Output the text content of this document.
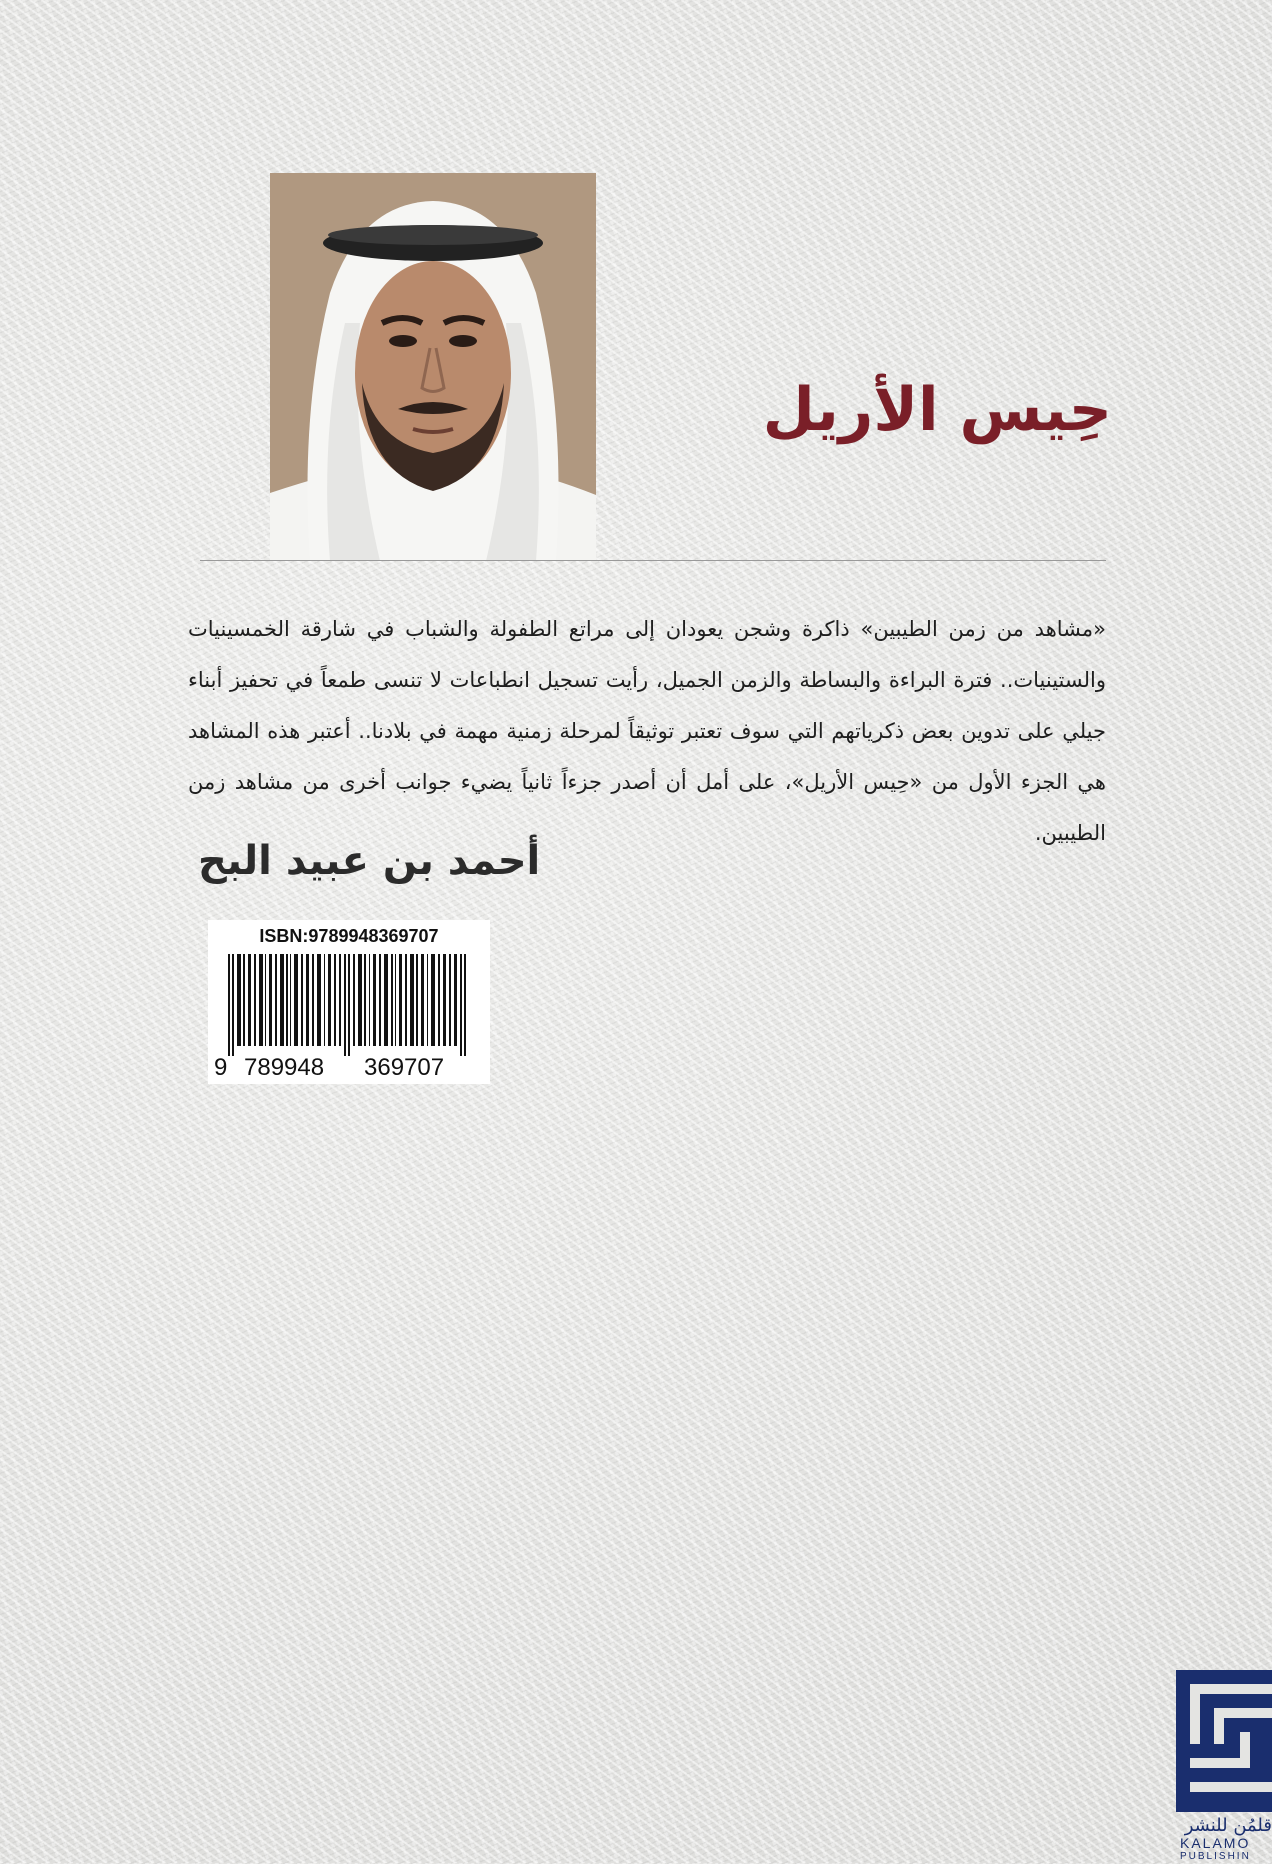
حِيس الأريل
«مشاهد من زمن الطيبين» ذاكرة وشجن يعودان إلى مراتع الطفولة والشباب في شارقة الخمسينيات والستينيات.. فترة البراءة والبساطة والزمن الجميل، رأيت تسجيل انطباعات لا تنسى طمعاً في تحفيز أبناء جيلي على تدوين بعض ذكرياتهم التي سوف تعتبر توثيقاً لمرحلة زمنية مهمة في بلادنا.. أعتبر هذه المشاهد هي الجزء الأول من «حِيس الأريل»، على أمل أن أصدر جزءاً ثانياً يضيء جوانب أخرى من مشاهد زمن الطيبين.
أحمد بن عبيد البح
ISBN:9789948369707
9 789948 369707
قلمُن للنشر
KALAMO
PUBLISHIN
